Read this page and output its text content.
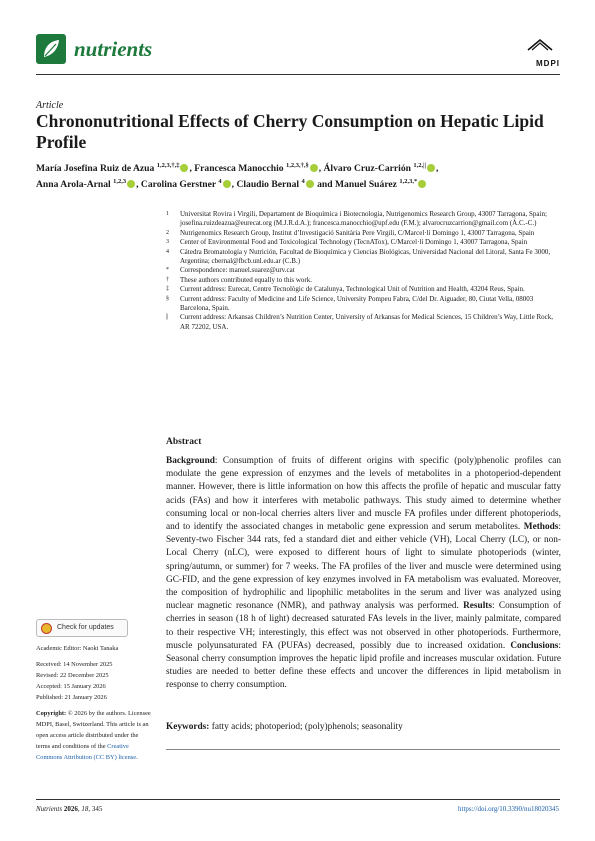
nutrients
MDPI
Article
Chrononutritional Effects of Cherry Consumption on Hepatic Lipid Profile
María Josefina Ruiz de Azua $^{1,2,3,\dagger,\ddagger}$ , Francesca Manocchio $^{1,2,3,\dagger,\S}$ , Álvaro Cruz-Carrión $^{1,2,||}$ ,
Anna Arola-Arnal $^{1,2,3}$ , Carolina Gerstner $^4$ , Claudio Bernal $^4$ and Manuel Suárez $^{1,2,3,*}$
1	Universitat Rovira i Virgili, Departament de Bioquímica i Biotecnologia, Nutrigenomics Research Group, 43007 Tarragona, Spain; josefina.ruizdeazua@eurecat.org (M.J.R.d.A.); francesca.manocchio@upf.edu (F.M.); alvarocruzcarrion@gmail.com (Á.C.-C.)
2	Nutrigenomics Research Group, Institut d’Investigació Sanitària Pere Virgili, C/Marcel·lí Domingo 1, 43007 Tarragona, Spain
3	Center of Environmental Food and Toxicological Technology (TecnATox), C/Marcel·lí Domingo 1, 43007 Tarragona, Spain
4	Cátedra Bromatología y Nutrición, Facultad de Bioquímica y Ciencias Biológicas, Universidad Nacional del Litoral, Santa Fe 3000, Argentina; cbernal@fbcb.unl.edu.ar (C.B.)
*	Correspondence: manuel.suarez@urv.cat
†	These authors contributed equally to this work.
‡	Current address: Eurecat, Centre Tecnològic de Catalunya, Technological Unit of Nutrition and Health, 43204 Reus, Spain.
§	Current address: Faculty of Medicine and Life Science, University Pompeu Fabra, C/del Dr. Aiguader, 80, Ciutat Vella, 08003 Barcelona, Spain.
||	Current address: Arkansas Children’s Nutrition Center, University of Arkansas for Medical Sciences, 15 Children’s Way, Little Rock, AR 72202, USA.
Abstract
Background: Consumption of fruits of different origins with specific (poly)phenolic profiles can modulate the gene expression of enzymes and the levels of metabolites in a photoperiod-dependent manner. However, there is little information on how this affects the profile of hepatic and muscular fatty acids (FAs) and how it interferes with metabolic pathways. This study aimed to determine whether consuming local or non-local cherries alters liver and muscle FA profiles under different photoperiods, and to identify the associated changes in metabolic gene expression and serum metabolites. Methods: Seventy-two Fischer 344 rats, fed a standard diet and either vehicle (VH), Local Cherry (LC), or non-Local Cherry (nLC), were exposed to different hours of light to simulate photoperiods (winter, spring/autumn, or summer) for 7 weeks. The FA profiles of the liver and muscle were determined using GC-FID, and the gene expression of key enzymes involved in FA metabolism was evaluated. Moreover, the composition of hydrophilic and lipophilic metabolites in the serum and liver was analyzed using nuclear magnetic resonance (NMR), and pathway analysis was performed. Results: Consumption of cherries in season (18 h of light) decreased saturated FAs levels in the liver, mainly palmitate, compared to their respective VH; interestingly, this effect was not observed in other photoperiods. Furthermore, muscle polyunsaturated FA (PUFAs) decreased, possibly due to increased oxidation. Conclusions: Seasonal cherry consumption improves the hepatic lipid profile and increases muscular oxidation. Future studies are needed to better define these effects and uncover the differences in lipid metabolism in response to cherry consumption.
Keywords: fatty acids; photoperiod; (poly)phenols; seasonality
Check for updates
Academic Editor: Naoki Tanaka
Received: 14 November 2025
Revised: 22 December 2025
Accepted: 15 January 2026
Published: 21 January 2026
Copyright: © 2026 by the authors. Licensee MDPI, Basel, Switzerland. This article is an open access article distributed under the terms and conditions of the Creative Commons Attribution (CC BY) license.
Nutrients 2026, 18, 345	https://doi.org/10.3390/nu18020345
